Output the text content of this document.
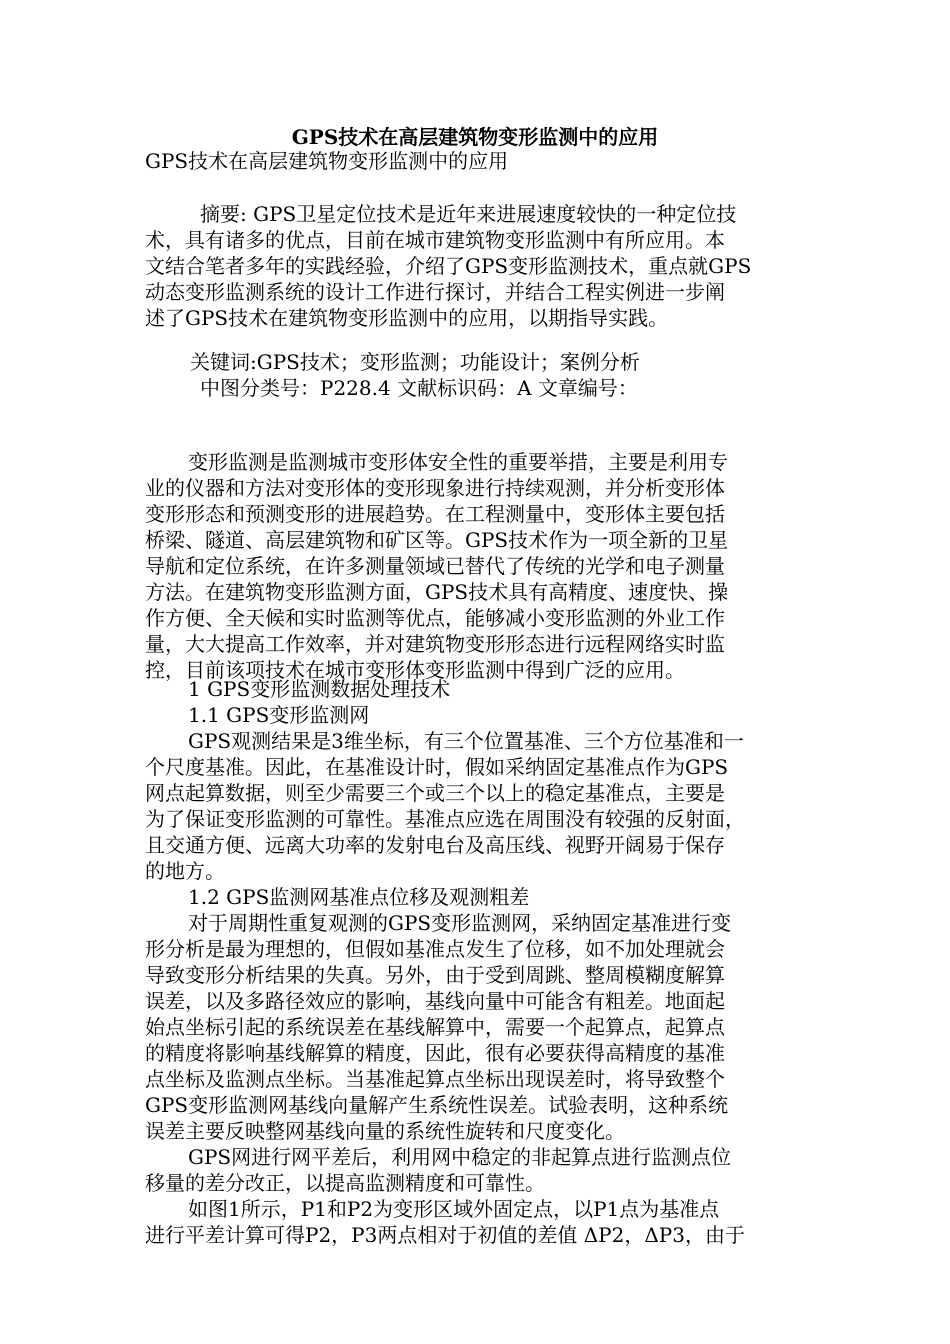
GPS技术在高层建筑物变形监测中的应用
GPS技术在高层建筑物变形监测中的应用
摘要: GPS卫星定位技术是近年来进展速度较快的一种定位技
术，具有诸多的优点，目前在城市建筑物变形监测中有所应用。本
文结合笔者多年的实践经验，介绍了GPS变形监测技术，重点就GPS
动态变形监测系统的设计工作进行探讨，并结合工程实例进一步阐
述了GPS技术在建筑物变形监测中的应用，以期指导实践。
关键词:GPS技术；变形监测；功能设计；案例分析
中图分类号：P228.4 文献标识码：A 文章编号：
变形监测是监测城市变形体安全性的重要举措，主要是利用专
业的仪器和方法对变形体的变形现象进行持续观测，并分析变形体
变形形态和预测变形的进展趋势。在工程测量中，变形体主要包括
桥梁、隧道、高层建筑物和矿区等。GPS技术作为一项全新的卫星
导航和定位系统，在许多测量领域已替代了传统的光学和电子测量
方法。在建筑物变形监测方面，GPS技术具有高精度、速度快、操
作方便、全天候和实时监测等优点，能够减小变形监测的外业工作
量，大大提高工作效率，并对建筑物变形形态进行远程网络实时监
控，目前该项技术在城市变形体变形监测中得到广泛的应用。
1 GPS变形监测数据处理技术
1.1 GPS变形监测网
GPS观测结果是3维坐标，有三个位置基准、三个方位基准和一
个尺度基准。因此，在基准设计时，假如采纳固定基准点作为GPS
网点起算数据，则至少需要三个或三个以上的稳定基准点，主要是
为了保证变形监测的可靠性。基准点应选在周围没有较强的反射面，
且交通方便、远离大功率的发射电台及高压线、视野开阔易于保存
的地方。
1.2 GPS监测网基准点位移及观测粗差
对于周期性重复观测的GPS变形监测网，采纳固定基准进行变
形分析是最为理想的，但假如基准点发生了位移，如不加处理就会
导致变形分析结果的失真。另外，由于受到周跳、整周模糊度解算
误差，以及多路径效应的影响，基线向量中可能含有粗差。地面起
始点坐标引起的系统误差在基线解算中，需要一个起算点，起算点
的精度将影响基线解算的精度，因此，很有必要获得高精度的基准
点坐标及监测点坐标。当基准起算点坐标出现误差时，将导致整个
GPS变形监测网基线向量解产生系统性误差。试验表明，这种系统
误差主要反映整网基线向量的系统性旋转和尺度变化。
GPS网进行网平差后，利用网中稳定的非起算点进行监测点位
移量的差分改正，以提高监测精度和可靠性。
如图1所示，P1和P2为变形区域外固定点，以P1点为基准点
进行平差计算可得P2，P3两点相对于初值的差值 ΔP2，ΔP3，由于
